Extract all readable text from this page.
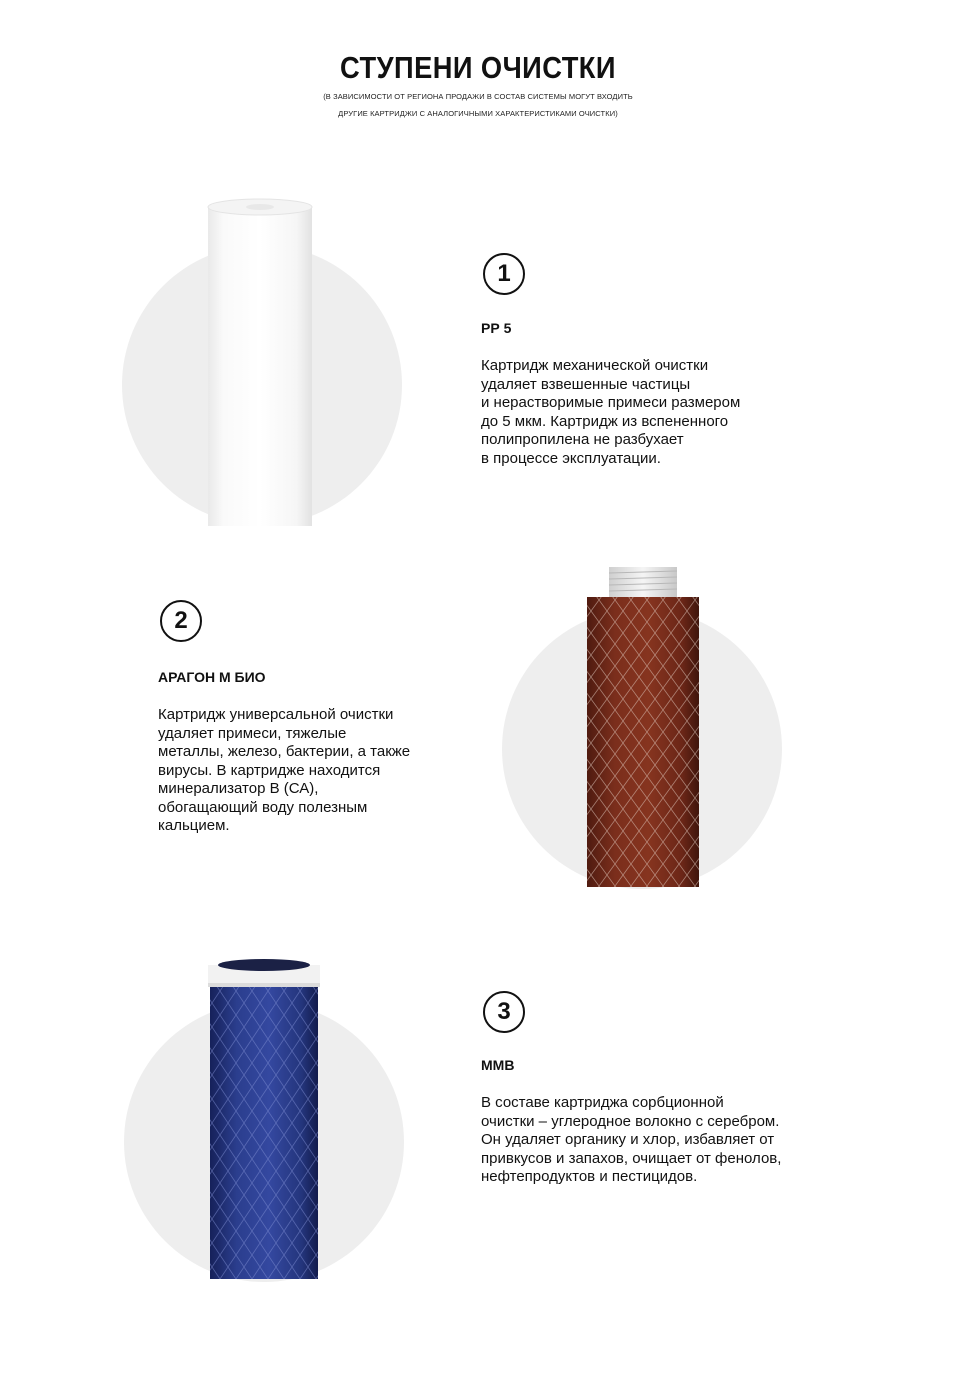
СТУПЕНИ ОЧИСТКИ
(В ЗАВИСИМОСТИ ОТ РЕГИОНА ПРОДАЖИ В СОСТАВ СИСТЕМЫ МОГУТ ВХОДИТЬ
ДРУГИЕ КАРТРИДЖИ С АНАЛОГИЧНЫМИ ХАРАКТЕРИСТИКАМИ ОЧИСТКИ)
1
РР 5
Картридж механической очистки
удаляет взвешенные частицы
и нерастворимые примеси размером
до 5 мкм. Картридж из вспененного
полипропилена не разбухает
в процессе эксплуатации.
2
АРАГОН М БИО
Картридж универсальной очистки
удаляет примеси, тяжелые
металлы, железо, бактерии, а также
вирусы. В картридже находится
минерализатор В (СА),
обогащающий воду полезным
кальцием.
3
ММВ
В составе картриджа сорбционной
очистки – углеродное волокно с серебром.
Он удаляет органику и хлор, избавляет от
привкусов и запахов, очищает от фенолов,
нефтепродуктов и пестицидов.
